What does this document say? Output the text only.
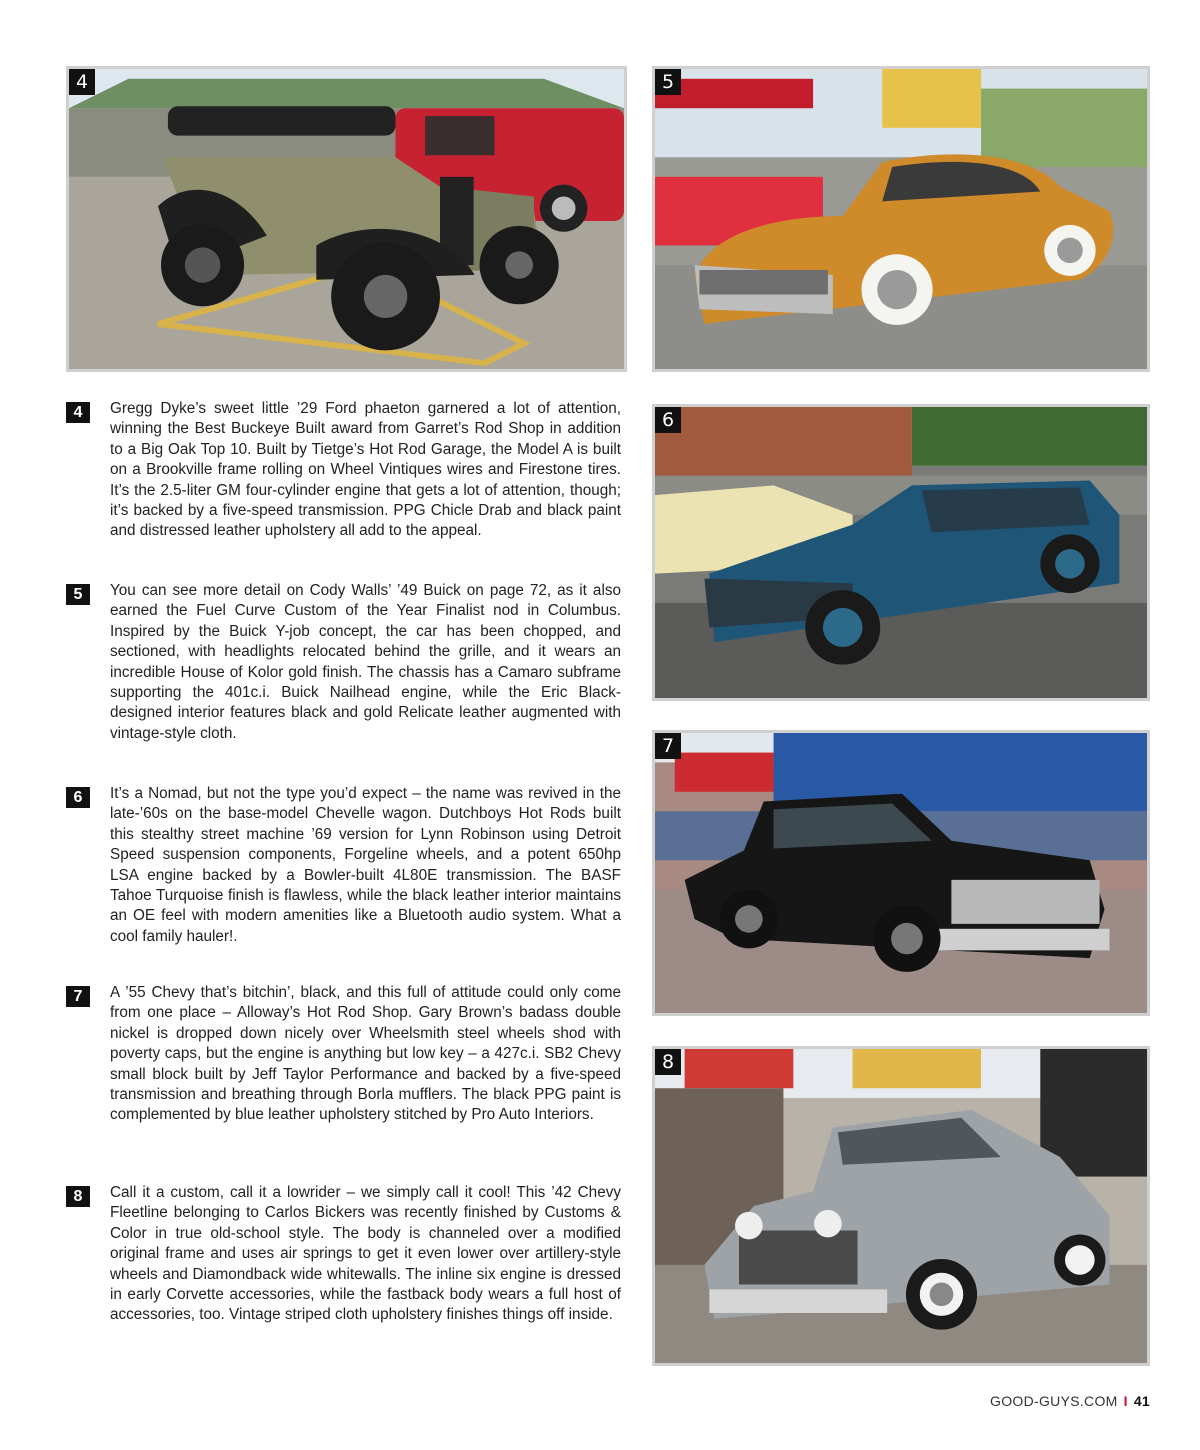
4	5
6
7
8
4	Gregg Dyke’s sweet little ’29 Ford phaeton garnered a lot of attention, winning the Best Buckeye Built award from Garret’s Rod Shop in addition to a Big Oak Top 10. Built by Tietge’s Hot Rod Garage, the Model A is built on a Brookville frame rolling on Wheel Vintiques wires and Firestone tires. It’s the 2.5-liter GM four-cylinder engine that gets a lot of attention, though; it’s backed by a five-speed transmission. PPG Chicle Drab and black paint and distressed leather upholstery all add to the appeal.

5	You can see more detail on Cody Walls’ ’49 Buick on page 72, as it also earned the Fuel Curve Custom of the Year Finalist nod in Columbus. Inspired by the Buick Y-job concept, the car has been chopped, and sectioned, with headlights relocated behind the grille, and it wears an incredible House of Kolor gold finish. The chassis has a Camaro subframe supporting the 401c.i. Buick Nailhead engine, while the Eric Black-designed interior features black and gold Relicate leather augmented with vintage-style cloth.

6	It’s a Nomad, but not the type you’d expect – the name was revived in the late-’60s on the base-model Chevelle wagon. Dutchboys Hot Rods built this stealthy street machine ’69 version for Lynn Robinson using Detroit Speed suspension components, Forgeline wheels, and a potent 650hp LSA engine backed by a Bowler-built 4L80E transmission. The BASF Tahoe Turquoise finish is flawless, while the black leather interior maintains an OE feel with modern amenities like a Bluetooth audio system. What a cool family hauler!.

7	A ’55 Chevy that’s bitchin’, black, and this full of attitude could only come from one place – Alloway’s Hot Rod Shop. Gary Brown’s badass double nickel is dropped down nicely over Wheelsmith steel wheels shod with poverty caps, but the engine is anything but low key – a 427c.i. SB2 Chevy small block built by Jeff Taylor Performance and backed by a five-speed transmission and breathing through Borla mufflers. The black PPG paint is complemented by blue leather upholstery stitched by Pro Auto Interiors.

8	Call it a custom, call it a lowrider – we simply call it cool! This ’42 Chevy Fleetline belonging to Carlos Bickers was recently finished by Customs & Color in true old-school style. The body is channeled over a modified original frame and uses air springs to get it even lower over artillery-style wheels and Diamondback wide whitewalls. The inline six engine is dressed in early Corvette accessories, while the fastback body wears a full host of accessories, too. Vintage striped cloth upholstery finishes things off inside.

GOOD-GUYS.COM I 41
